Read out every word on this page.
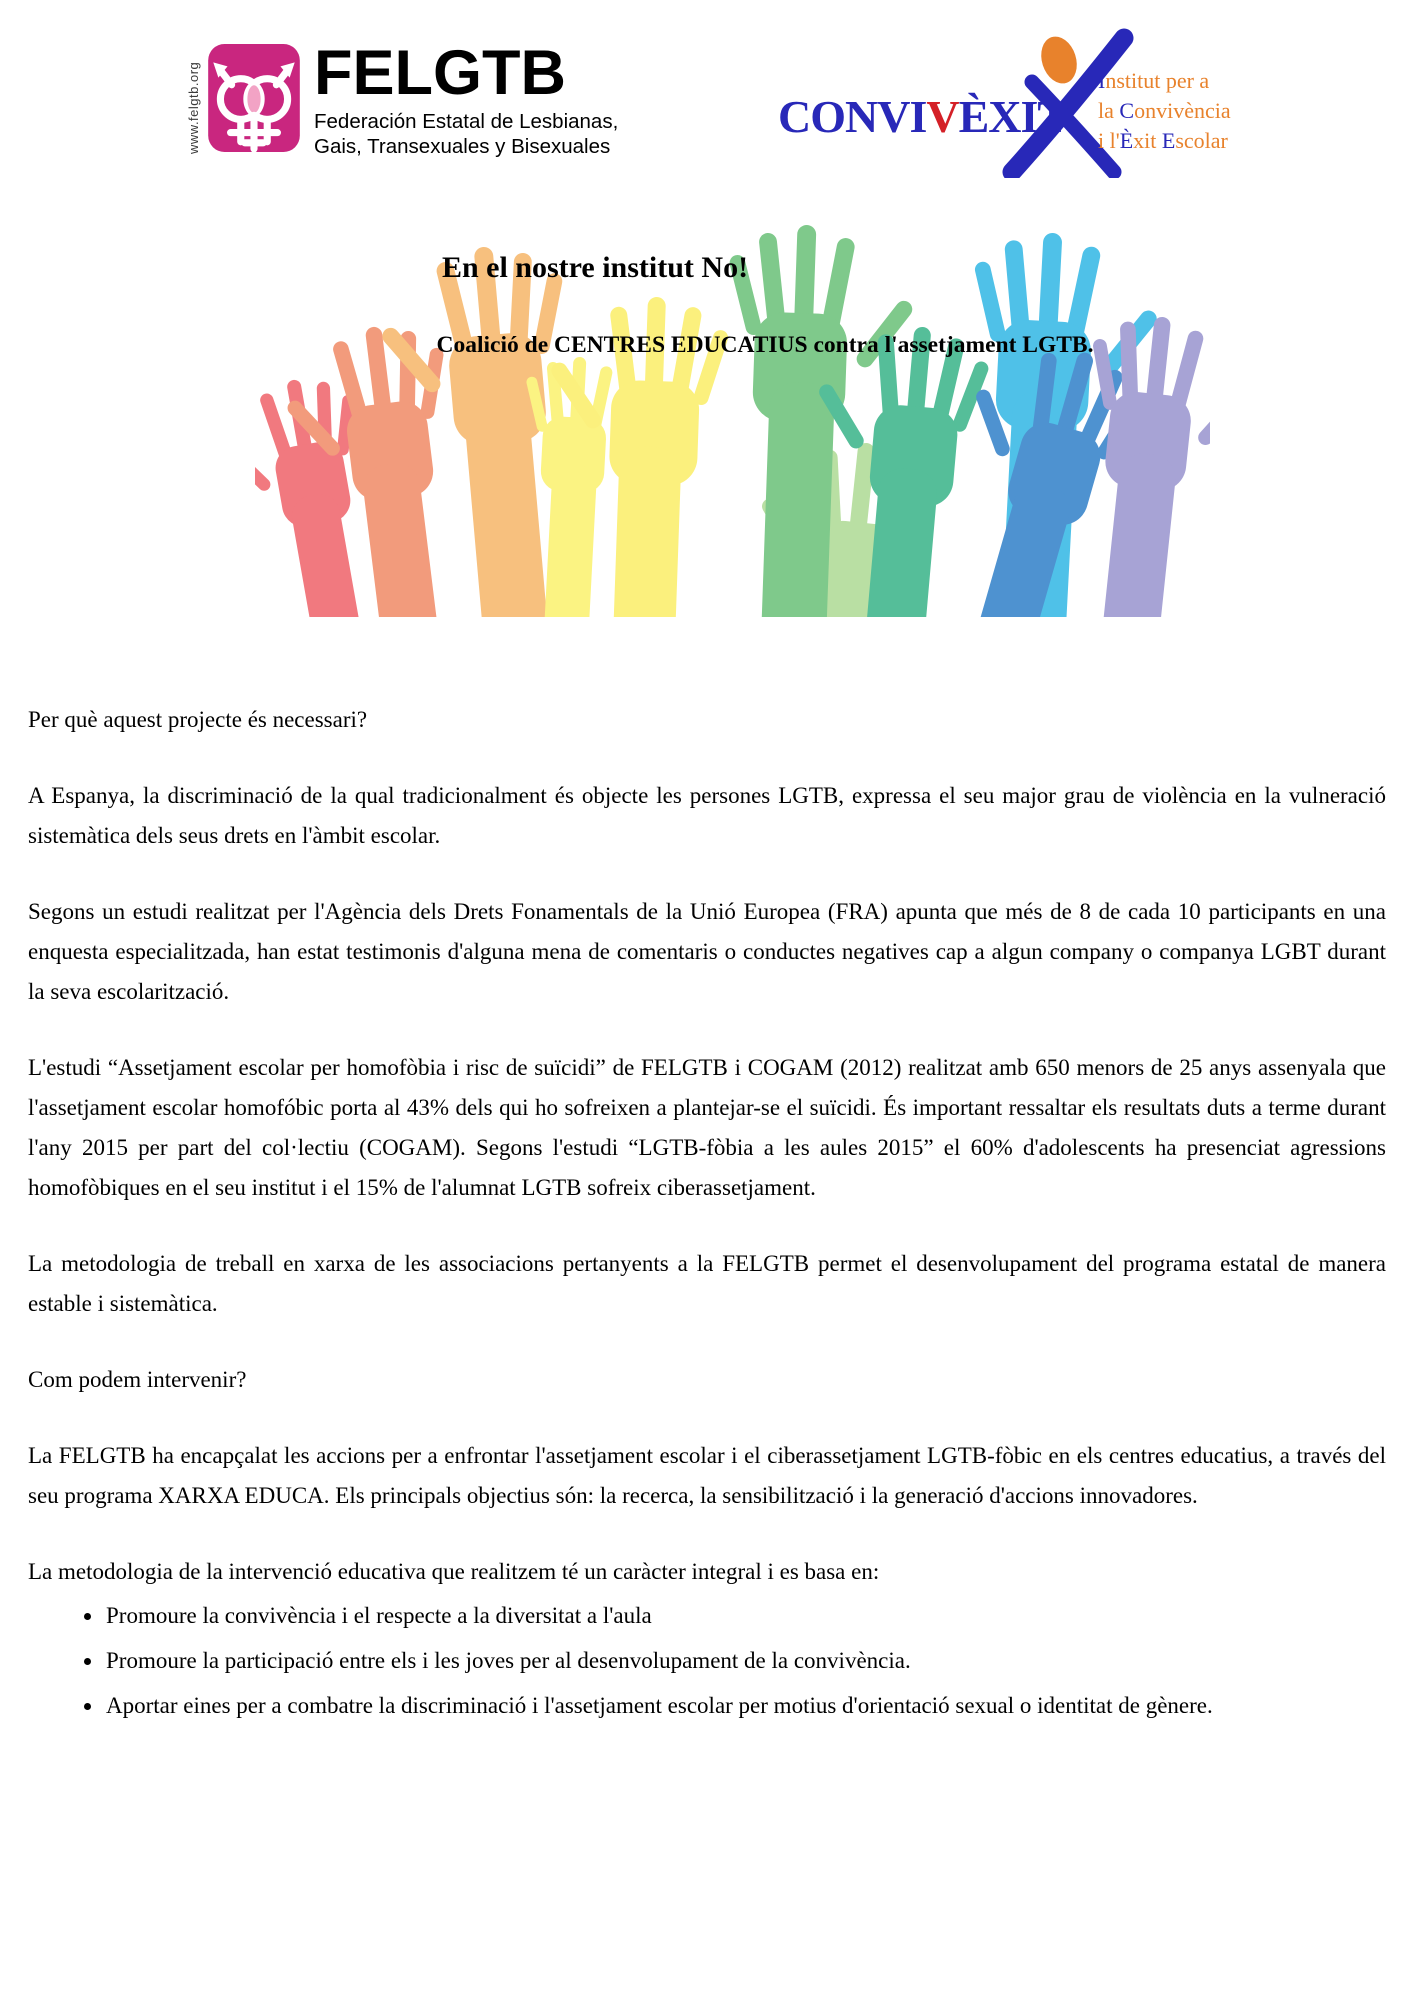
www.felgtb.org FELGTB
Federación Estatal de Lesbianas,
Gais, Transexuales y Bisexuales
CONVIVÈXIT
Institut per a
la Convivència
i l'Èxit Escolar
En el nostre institut No!
Coalició de CENTRES EDUCATIUS contra l'assetjament LGTB.

Per què aquest projecte és necessari?

A Espanya, la discriminació de la qual tradicionalment és objecte les persones LGTB, expressa el seu major grau de violència en la vulneració sistemàtica dels seus drets en l'àmbit escolar.

Segons un estudi realitzat per l'Agència dels Drets Fonamentals de la Unió Europea (FRA) apunta que més de 8 de cada 10 participants en una enquesta especialitzada, han estat testimonis d'alguna mena de comentaris o conductes negatives cap a algun company o companya LGBT durant la seva escolarització.

L'estudi “Assetjament escolar per homofòbia i risc de suïcidi” de FELGTB i COGAM (2012) realitzat amb 650 menors de 25 anys assenyala que l'assetjament escolar homofóbic porta al 43% dels qui ho sofreixen a plantejar-se el suïcidi. És important ressaltar els resultats duts a terme durant l'any 2015 per part del col·lectiu (COGAM). Segons l'estudi “LGTB-fòbia a les aules 2015” el 60% d'adolescents ha presenciat agressions homofòbiques en el seu institut i el 15% de l'alumnat LGTB sofreix ciberassetjament.

La metodologia de treball en xarxa de les associacions pertanyents a la FELGTB permet el desenvolupament del programa estatal de manera estable i sistemàtica.

Com podem intervenir?

La FELGTB ha encapçalat les accions per a enfrontar l'assetjament escolar i el ciberassetjament LGTB-fòbic en els centres educatius, a través del seu programa XARXA EDUCA. Els principals objectius són: la recerca, la sensibilització i la generació d'accions innovadores.

La metodologia de la intervenció educativa que realitzem té un caràcter integral i es basa en:

• Promoure la convivència i el respecte a la diversitat a l'aula
• Promoure la participació entre els i les joves per al desenvolupament de la convivència.
• Aportar eines per a combatre la discriminació i l'assetjament escolar per motius d'orientació sexual o identitat de gènere.
